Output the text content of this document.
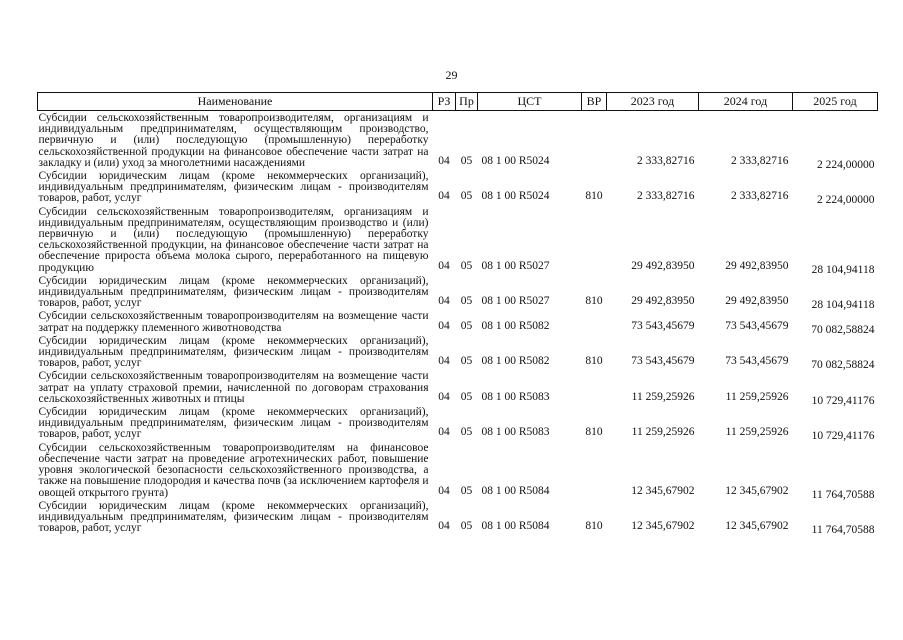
29
Наименование	РЗ	Пр	ЦСТ	ВР	2023 год	2024 год	2025 год
Субсидии сельскохозяйственным товаропроизводителям, организациям и индивидуальным предпринимателям, осуществляющим производство, первичную и (или) последующую (промышленную) переработку сельскохозяйственной продукции на финансовое обеспечение части затрат на закладку и (или) уход за многолетними насаждениями	04	05	08 1 00 R5024		2 333,82716	2 333,82716	2 224,00000
Субсидии юридическим лицам (кроме некоммерческих организаций), индивидуальным предпринимателям, физическим лицам - производителям товаров, работ, услуг	04	05	08 1 00 R5024	810	2 333,82716	2 333,82716	2 224,00000
Субсидии сельскохозяйственным товаропроизводителям, организациям и индивидуальным предпринимателям, осуществляющим производство и (или) первичную и (или) последующую (промышленную) переработку сельскохозяйственной продукции, на финансовое обеспечение части затрат на обеспечение прироста объема молока сырого, переработанного на пищевую продукцию	04	05	08 1 00 R5027		29 492,83950	29 492,83950	28 104,94118
Субсидии юридическим лицам (кроме некоммерческих организаций), индивидуальным предпринимателям, физическим лицам - производителям товаров, работ, услуг	04	05	08 1 00 R5027	810	29 492,83950	29 492,83950	28 104,94118
Субсидии сельскохозяйственным товаропроизводителям на возмещение части затрат на поддержку племенного животноводства	04	05	08 1 00 R5082		73 543,45679	73 543,45679	70 082,58824
Субсидии юридическим лицам (кроме некоммерческих организаций), индивидуальным предпринимателям, физическим лицам - производителям товаров, работ, услуг	04	05	08 1 00 R5082	810	73 543,45679	73 543,45679	70 082,58824
Субсидии сельскохозяйственным товаропроизводителям на возмещение части затрат на уплату страховой премии, начисленной по договорам страхования сельскохозяйственных животных и птицы	04	05	08 1 00 R5083		11 259,25926	11 259,25926	10 729,41176
Субсидии юридическим лицам (кроме некоммерческих организаций), индивидуальным предпринимателям, физическим лицам - производителям товаров, работ, услуг	04	05	08 1 00 R5083	810	11 259,25926	11 259,25926	10 729,41176
Субсидии сельскохозяйственным товаропроизводителям на финансовое обеспечение части затрат на проведение агротехнических работ, повышение уровня экологической безопасности сельскохозяйственного производства, а также на повышение плодородия и качества почв (за исключением картофеля и овощей открытого грунта)	04	05	08 1 00 R5084		12 345,67902	12 345,67902	11 764,70588
Субсидии юридическим лицам (кроме некоммерческих организаций), индивидуальным предпринимателям, физическим лицам - производителям товаров, работ, услуг	04	05	08 1 00 R5084	810	12 345,67902	12 345,67902	11 764,70588
